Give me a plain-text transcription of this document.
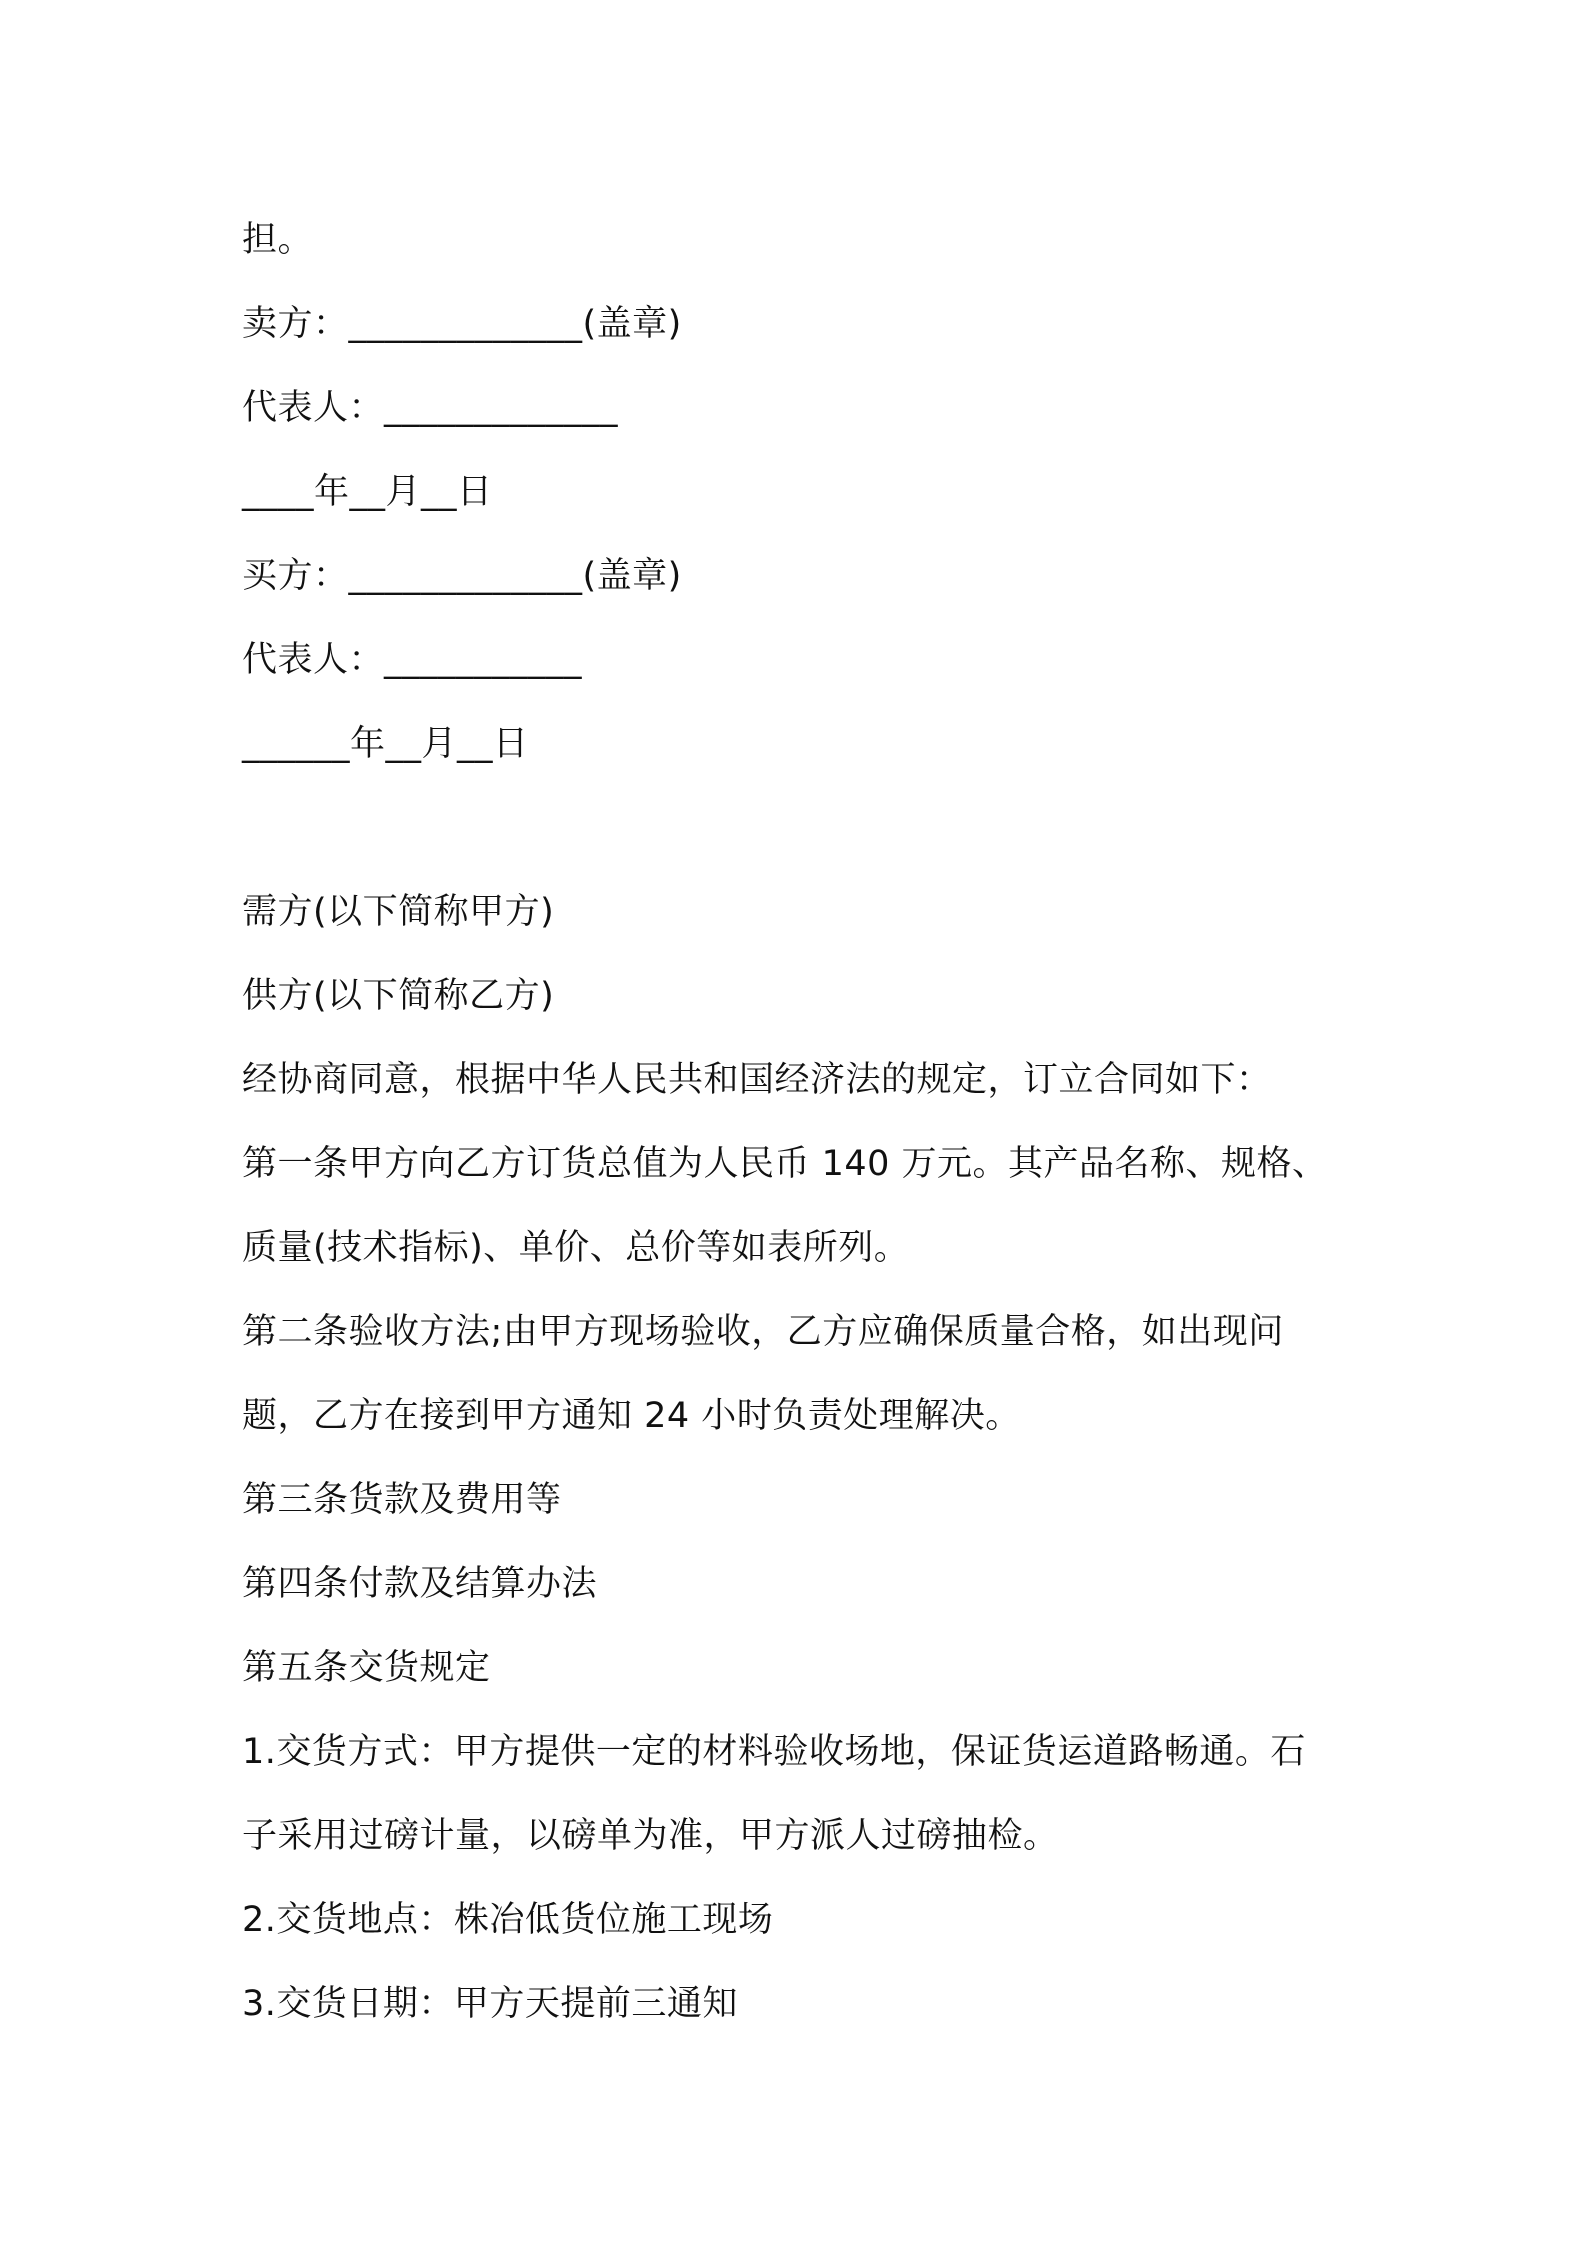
担。
卖方：_____________(盖章)
代表人：_____________
____年__月__日
买方：_____________(盖章)
代表人：___________
______年__月__日
需方(以下简称甲方)
供方(以下简称乙方)
经协商同意，根据中华人民共和国经济法的规定，订立合同如下：
第一条甲方向乙方订货总值为人民币 140 万元。其产品名称、规格、
质量(技术指标)、单价、总价等如表所列。
第二条验收方法;由甲方现场验收，乙方应确保质量合格，如出现问
题，乙方在接到甲方通知 24 小时负责处理解决。
第三条货款及费用等
第四条付款及结算办法
第五条交货规定
1.交货方式：甲方提供一定的材料验收场地，保证货运道路畅通。石
子采用过磅计量，以磅单为准，甲方派人过磅抽检。
2.交货地点：株冶低货位施工现场
3.交货日期：甲方天提前三通知
